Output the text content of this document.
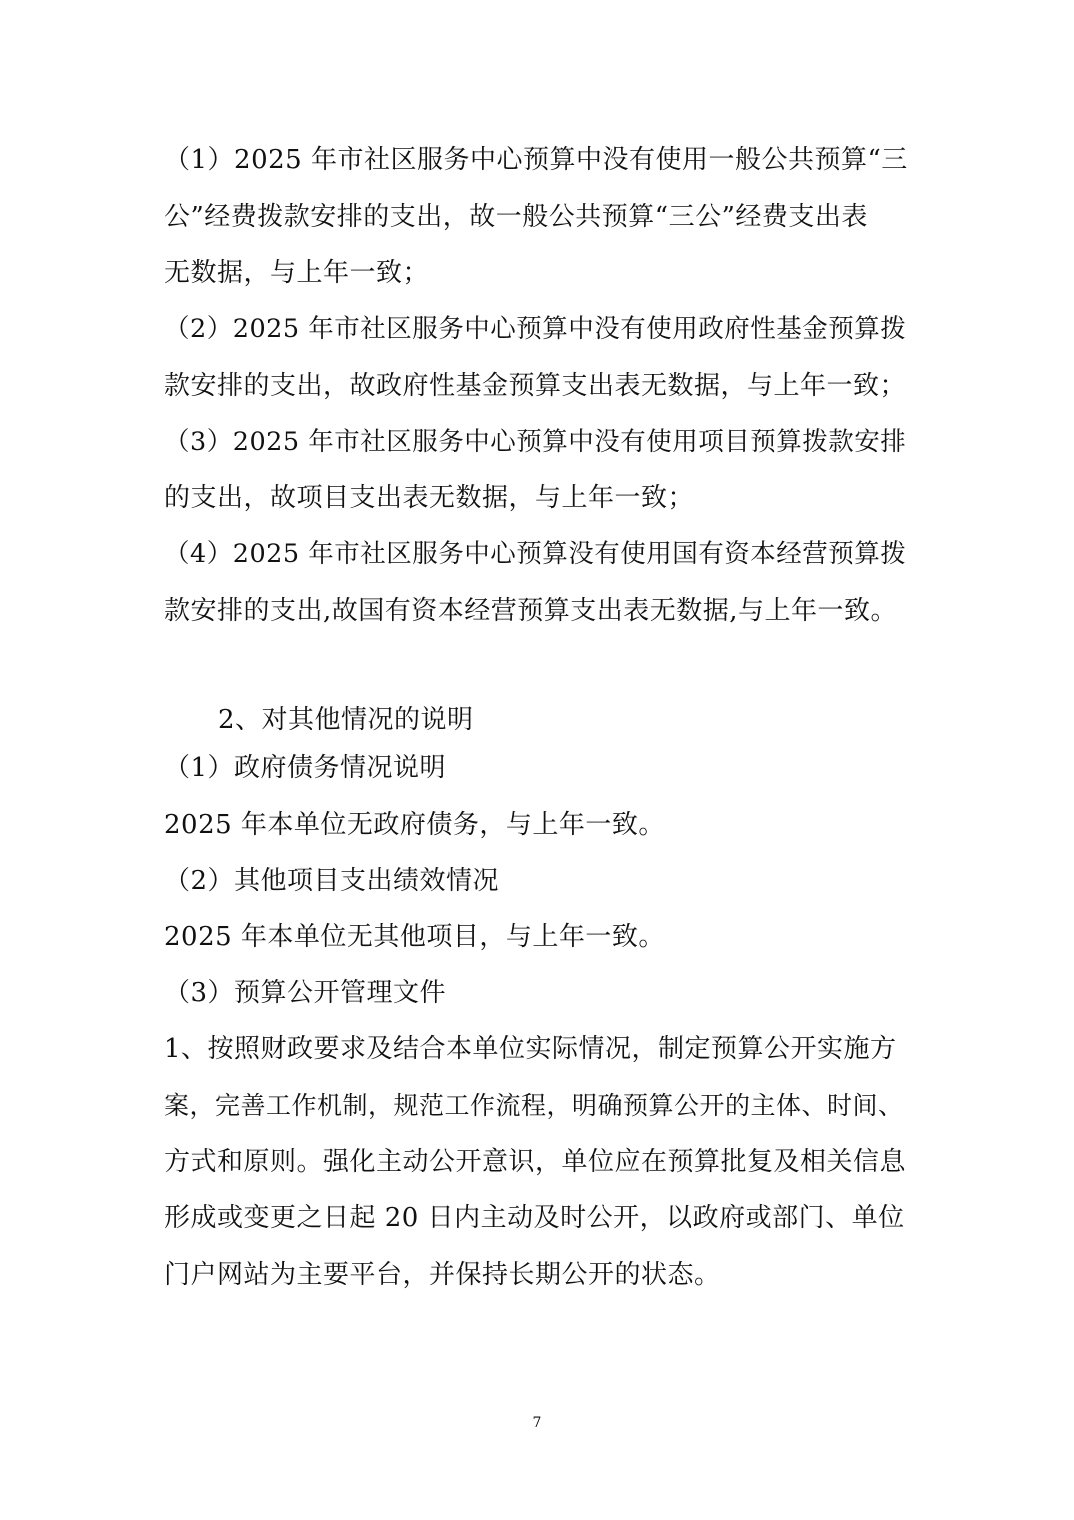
（1）2025 年市社区服务中心预算中没有使用一般公共预算“三
公”经费拨款安排的支出，故一般公共预算“三公”经费支出表
无数据，与上年一致；
（2）2025 年市社区服务中心预算中没有使用政府性基金预算拨
款安排的支出，故政府性基金预算支出表无数据，与上年一致；
（3）2025 年市社区服务中心预算中没有使用项目预算拨款安排
的支出，故项目支出表无数据，与上年一致；
（4）2025 年市社区服务中心预算没有使用国有资本经营预算拨
款安排的支出,故国有资本经营预算支出表无数据,与上年一致。
2、对其他情况的说明
（1）政府债务情况说明
2025 年本单位无政府债务，与上年一致。
（2）其他项目支出绩效情况
2025 年本单位无其他项目，与上年一致。
（3）预算公开管理文件
1、按照财政要求及结合本单位实际情况，制定预算公开实施方
案，完善工作机制，规范工作流程，明确预算公开的主体、时间、
方式和原则。强化主动公开意识，单位应在预算批复及相关信息
形成或变更之日起 20 日内主动及时公开，以政府或部门、单位
门户网站为主要平台，并保持长期公开的状态。
7
